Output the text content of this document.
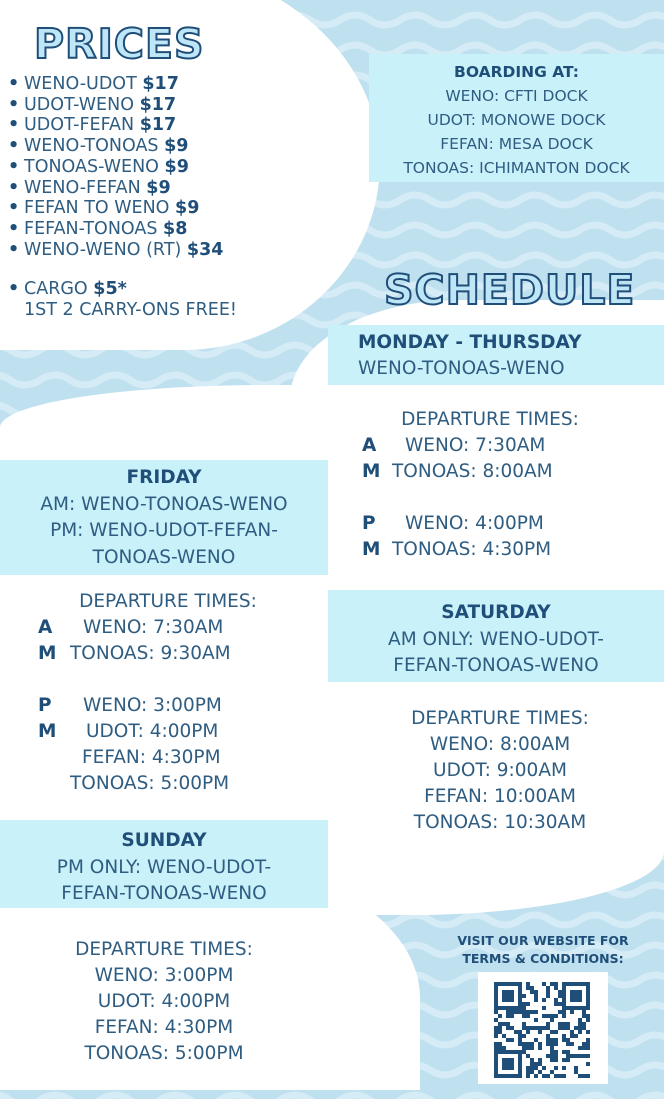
PRICES
• WENO-UDOT $17
• UDOT-WENO $17
• UDOT-FEFAN $17
• WENO-TONOAS $9
• TONOAS-WENO $9
• WENO-FEFAN $9
• FEFAN TO WENO $9
• FEFAN-TONOAS $8
• WENO-WENO (RT) $34
• CARGO $5*
1ST 2 CARRY-ONS FREE!
BOARDING AT:
WENO: CFTI DOCK
UDOT: MONOWE DOCK
FEFAN: MESA DOCK
TONOAS: ICHIMANTON DOCK
SCHEDULE
MONDAY - THURSDAY
WENO-TONOAS-WENO
DEPARTURE TIMES:
A WENO: 7:30AM
M TONOAS: 8:00AM
P WENO: 4:00PM
M TONOAS: 4:30PM
FRIDAY
AM: WENO-TONOAS-WENO
PM: WENO-UDOT-FEFAN-
TONOAS-WENO
DEPARTURE TIMES:
A WENO: 7:30AM
M TONOAS: 9:30AM
P WENO: 3:00PM
M UDOT: 4:00PM
FEFAN: 4:30PM
TONOAS: 5:00PM
SATURDAY
AM ONLY: WENO-UDOT-
FEFAN-TONOAS-WENO
DEPARTURE TIMES:
WENO: 8:00AM
UDOT: 9:00AM
FEFAN: 10:00AM
TONOAS: 10:30AM
SUNDAY
PM ONLY: WENO-UDOT-
FEFAN-TONOAS-WENO
DEPARTURE TIMES:
WENO: 3:00PM
UDOT: 4:00PM
FEFAN: 4:30PM
TONOAS: 5:00PM
VISIT OUR WEBSITE FOR
TERMS & CONDITIONS:
